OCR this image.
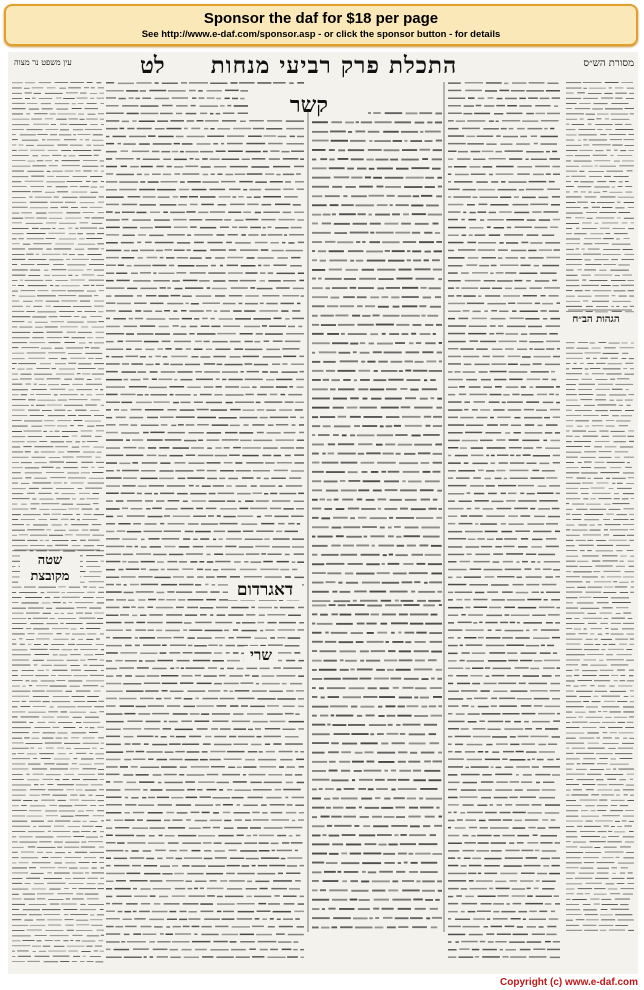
Sponsor the daf for $18 per page
See http://www.e-daf.com/sponsor.asp - or click the sponsor button - for details
מסורת הש״ס
התכלת פרק רביעי מנחות
לט
עין משפט נר מצוה
קשר
דאגרדום
שטה מקובצת
הגהות הב״ח
שרי
Copyright (c) www.e-daf.com
